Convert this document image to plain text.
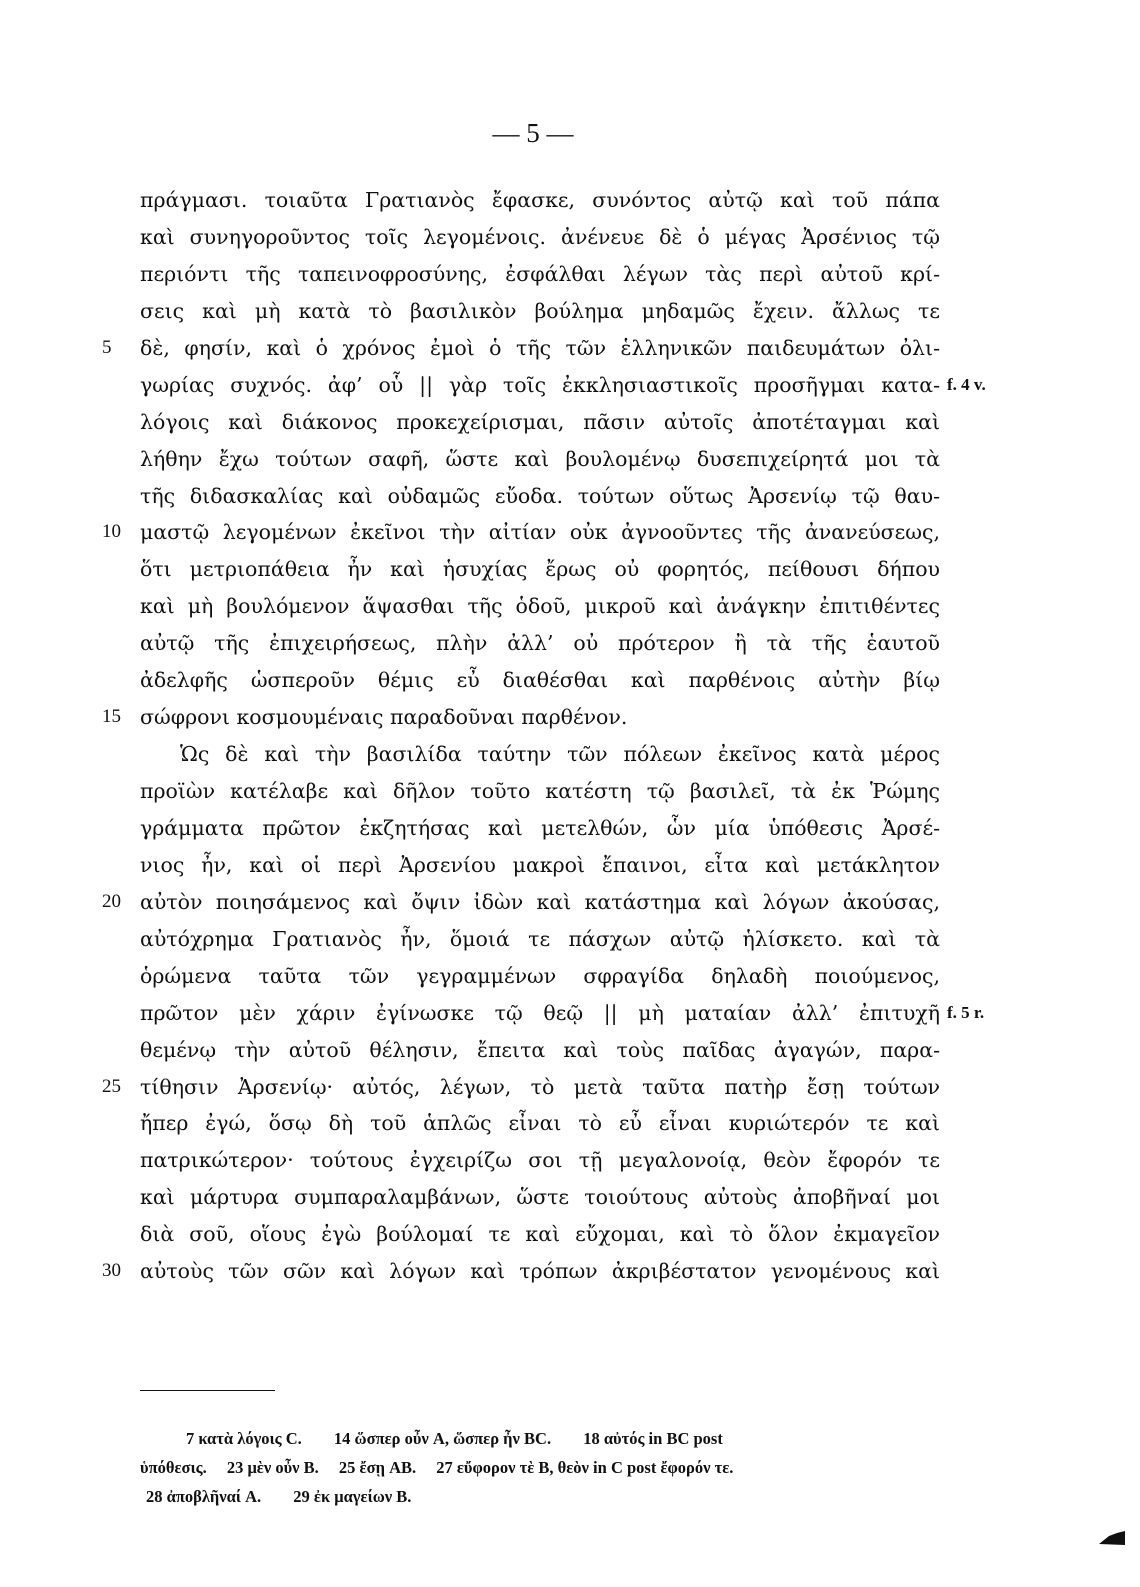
— 5 —
πράγμασι. τοιαῦτα Γρατιανὸς ἔφασκε, συνόντος αὐτῷ καὶ τοῦ πάπα
καὶ συνηγοροῦντος τοῖς λεγομένοις. ἀνένευε δὲ ὁ μέγας Ἀρσένιος τῷ
περιόντι τῆς ταπεινοφροσύνης, ἐσφάλθαι λέγων τὰς περὶ αὐτοῦ κρί-
σεις καὶ μὴ κατὰ τὸ βασιλικὸν βούλημα μηδαμῶς ἔχειν. ἄλλως τε
5 δὲ, φησίν, καὶ ὁ χρόνος ἐμοὶ ὁ τῆς τῶν ἑλληνικῶν παιδευμάτων ὀλι-
γωρίας συχνός. ἀφ’ οὗ || γὰρ τοῖς ἐκκλησιαστικοῖς προσῆγμαι κατα- f. 4 v.
λόγοις καὶ διάκονος προκεχείρισμαι, πᾶσιν αὐτοῖς ἀποτέταγμαι καὶ
λήθην ἔχω τούτων σαφῆ, ὥστε καὶ βουλομένῳ δυσεπιχείρητά μοι τὰ
τῆς διδασκαλίας καὶ οὐδαμῶς εὔοδα. τούτων οὕτως Ἀρσενίῳ τῷ θαυ-
10 μαστῷ λεγομένων ἐκεῖνοι τὴν αἰτίαν οὐκ ἀγνοοῦντες τῆς ἀνανεύσεως,
ὅτι μετριοπάθεια ἦν καὶ ἡσυχίας ἔρως οὐ φορητός, πείθουσι δήπου
καὶ μὴ βουλόμενον ἅψασθαι τῆς ὁδοῦ, μικροῦ καὶ ἀνάγκην ἐπιτιθέντες
αὐτῷ τῆς ἐπιχειρήσεως, πλὴν ἀλλ’ οὐ πρότερον ἢ τὰ τῆς ἑαυτοῦ
ἀδελφῆς ὡσπεροῦν θέμις εὖ διαθέσθαι καὶ παρθένοις αὐτὴν βίῳ
15 σώφρονι κοσμουμέναις παραδοῦναι παρθένον.
Ὡς δὲ καὶ τὴν βασιλίδα ταύτην τῶν πόλεων ἐκεῖνος κατὰ μέρος
προϊὼν κατέλαβε καὶ δῆλον τοῦτο κατέστη τῷ βασιλεῖ, τὰ ἐκ Ῥώμης
γράμματα πρῶτον ἐκζητήσας καὶ μετελθών, ὧν μία ὑπόθεσις Ἀρσέ-
νιος ἦν, καὶ οἱ περὶ Ἀρσενίου μακροὶ ἔπαινοι, εἶτα καὶ μετάκλητον
20 αὐτὸν ποιησάμενος καὶ ὄψιν ἰδὼν καὶ κατάστημα καὶ λόγων ἀκούσας,
αὐτόχρημα Γρατιανὸς ἦν, ὅμοιά τε πάσχων αὐτῷ ἡλίσκετο. καὶ τὰ
ὁρώμενα ταῦτα τῶν γεγραμμένων σφραγίδα δηλαδὴ ποιούμενος,
πρῶτον μὲν χάριν ἐγίνωσκε τῷ θεῷ || μὴ ματαίαν ἀλλ’ ἐπιτυχῆ f. 5 r.
θεμένῳ τὴν αὐτοῦ θέλησιν, ἔπειτα καὶ τοὺς παῖδας ἀγαγών, παρα-
25 τίθησιν Ἀρσενίῳ· αὐτός, λέγων, τὸ μετὰ ταῦτα πατὴρ ἔσῃ τούτων
ἤπερ ἐγώ, ὅσῳ δὴ τοῦ ἁπλῶς εἶναι τὸ εὖ εἶναι κυριώτερόν τε καὶ
πατρικώτερον· τούτους ἐγχειρίζω σοι τῇ μεγαλονοίᾳ, θεὸν ἔφορόν τε
καὶ μάρτυρα συμπαραλαμβάνων, ὥστε τοιούτους αὐτοὺς ἀποβῆναί μοι
διὰ σοῦ, οἵους ἐγὼ βούλομαί τε καὶ εὔχομαι, καὶ τὸ ὅλον ἐκμαγεῖον
30 αὐτοὺς τῶν σῶν καὶ λόγων καὶ τρόπων ἀκριβέστατον γενομένους καὶ
7 κατὰ λόγοις C. 14 ὥσπερ οὖν A, ὥσπερ ἦν BC. 18 αὐτός in BC post
ὑπόθεσις. 23 μὲν οὖν B. 25 ἔσῃ AB. 27 εὔφορον τὲ B, θεὸν in C post ἔφορόν τε.
28 ἀποβλῆναί A. 29 ἐκ μαγείων B.
